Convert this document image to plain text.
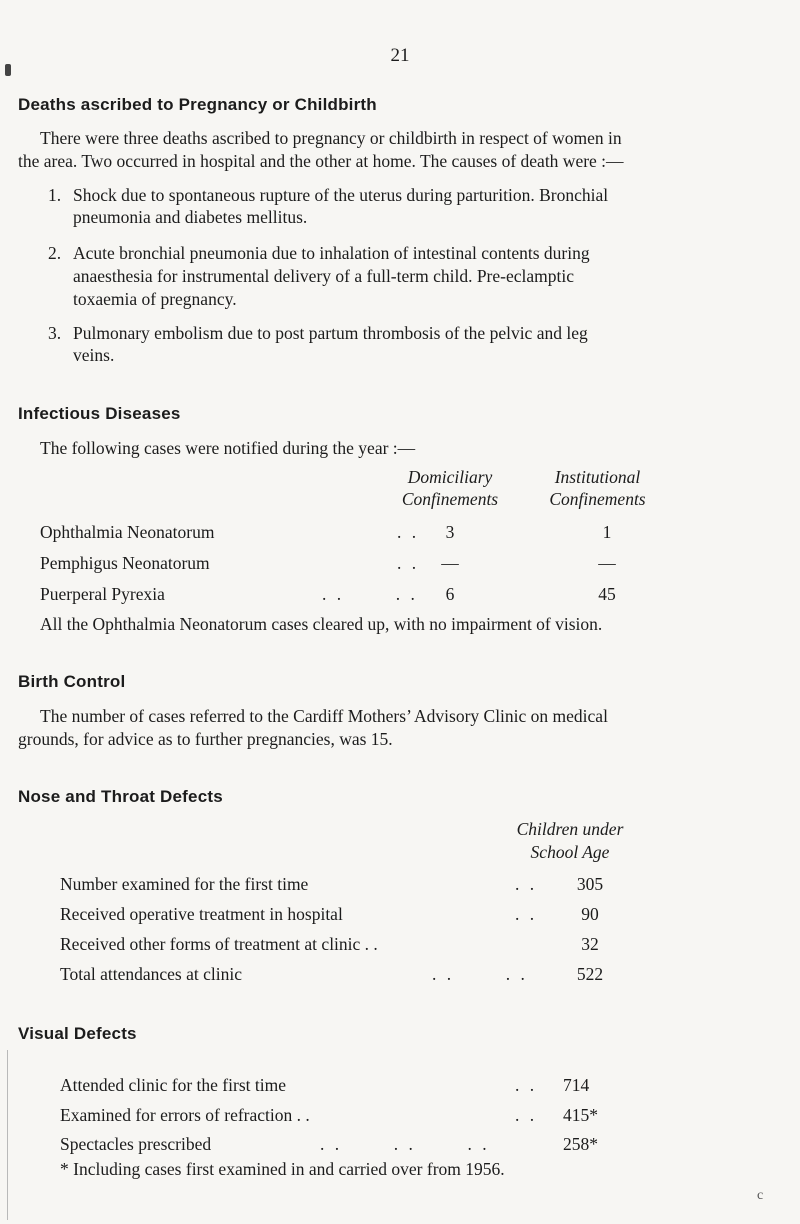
21
Deaths ascribed to Pregnancy or Childbirth
There were three deaths ascribed to pregnancy or childbirth in respect of women in
the area. Two occurred in hospital and the other at home. The causes of death were :—
1. Shock due to spontaneous rupture of the uterus during parturition. Bronchial
pneumonia and diabetes mellitus.
2. Acute bronchial pneumonia due to inhalation of intestinal contents during
anaesthesia for instrumental delivery of a full-term child. Pre-eclamptic
toxaemia of pregnancy.
3. Pulmonary embolism due to post partum thrombosis of the pelvic and leg
veins.
Infectious Diseases
The following cases were notified during the year :—
Domiciliary
Confinements
Institutional
Confinements
Ophthalmia Neonatorum	. .	3	1
Pemphigus Neonatorum	. .	—	—
Puerperal Pyrexia	. .       . .	6	45
All the Ophthalmia Neonatorum cases cleared up, with no impairment of vision.
Birth Control
The number of cases referred to the Cardiff Mothers’ Advisory Clinic on medical
grounds, for advice as to further pregnancies, was 15.
Nose and Throat Defects
Children under
School Age
Number examined for the first time	. .	305
Received operative treatment in hospital	. .	90
Received other forms of treatment at clinic . .	32
Total attendances at clinic	. .       . .	522
Visual Defects
Attended clinic for the first time	. . 714
Examined for errors of refraction . .	. . 415*
Spectacles prescribed	. .       . .       . .	258*
* Including cases first examined in and carried over from 1956.
c
